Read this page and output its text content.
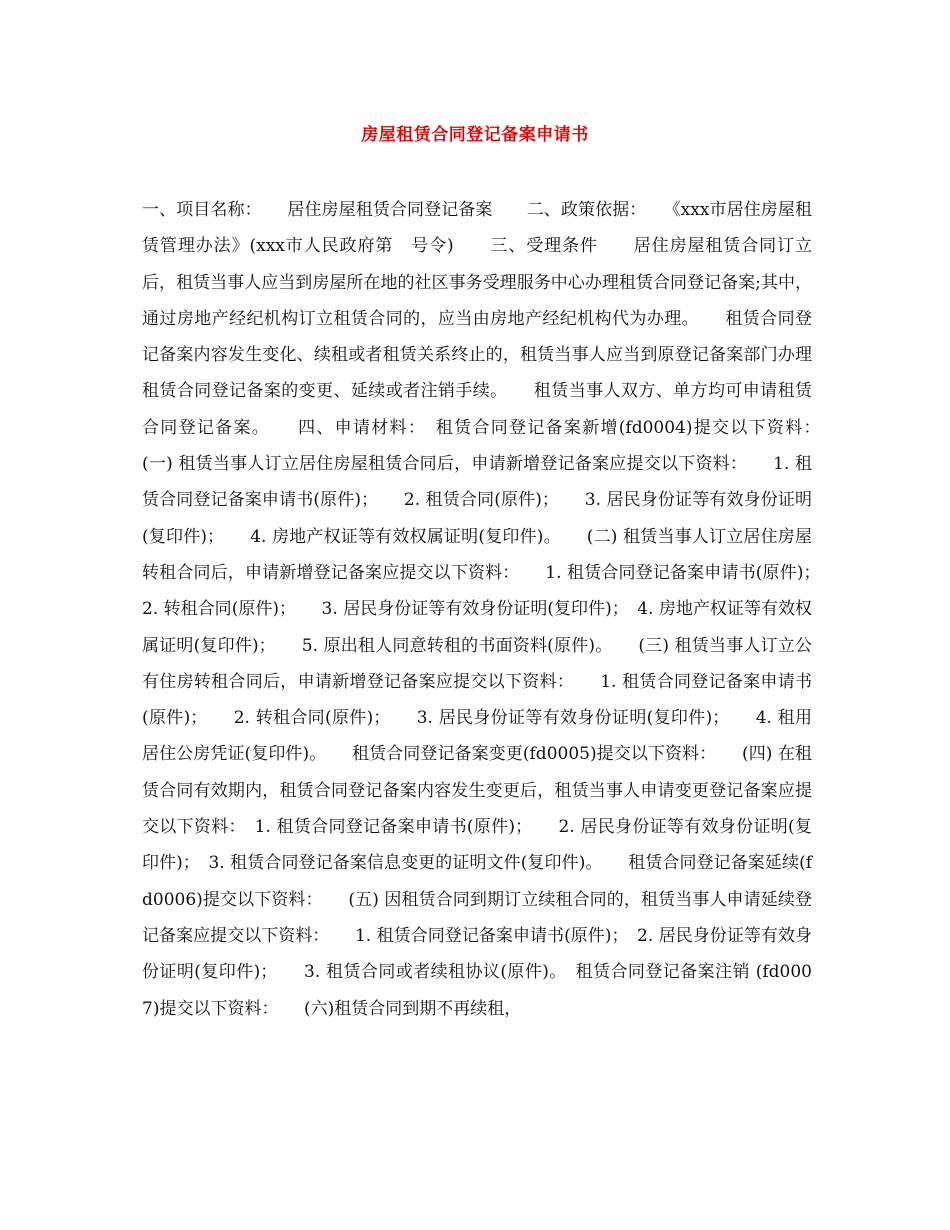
房屋租赁合同登记备案申请书

一、项目名称：　　居住房屋租赁合同登记备案　　二、政策依据：　　《xxx市居住房屋租赁管理办法》(xxx市人民政府第　号令)　　三、受理条件　　居住房屋租赁合同订立后，租赁当事人应当到房屋所在地的社区事务受理服务中心办理租赁合同登记备案;其中，通过房地产经纪机构订立租赁合同的，应当由房地产经纪机构代为办理。　　租赁合同登记备案内容发生变化、续租或者租赁关系终止的，租赁当事人应当到原登记备案部门办理租赁合同登记备案的变更、延续或者注销手续。　　租赁当事人双方、单方均可申请租赁合同登记备案。　　四、申请材料：　租赁合同登记备案新增(fd0004)提交以下资料：　　(一) 租赁当事人订立居住房屋租赁合同后，申请新增登记备案应提交以下资料：　　1. 租赁合同登记备案申请书(原件)；　　2. 租赁合同(原件)；　　3. 居民身份证等有效身份证明(复印件)；　　4. 房地产权证等有效权属证明(复印件)。　　(二) 租赁当事人订立居住房屋转租合同后，申请新增登记备案应提交以下资料：　　1. 租赁合同登记备案申请书(原件)；　　2. 转租合同(原件)；　　3. 居民身份证等有效身份证明(复印件)；　4. 房地产权证等有效权属证明(复印件)；　　5. 原出租人同意转租的书面资料(原件)。　　(三) 租赁当事人订立公有住房转租合同后，申请新增登记备案应提交以下资料：　　1. 租赁合同登记备案申请书(原件)；　　2. 转租合同(原件)；　　3. 居民身份证等有效身份证明(复印件)；　　4. 租用居住公房凭证(复印件)。　　租赁合同登记备案变更(fd0005)提交以下资料：　　(四) 在租赁合同有效期内，租赁合同登记备案内容发生变更后，租赁当事人申请变更登记备案应提交以下资料：　1. 租赁合同登记备案申请书(原件)；　　2. 居民身份证等有效身份证明(复印件)；　3. 租赁合同登记备案信息变更的证明文件(复印件)。　　租赁合同登记备案延续(fd0006)提交以下资料：　　(五) 因租赁合同到期订立续租合同的，租赁当事人申请延续登记备案应提交以下资料：　　1. 租赁合同登记备案申请书(原件)；　2. 居民身份证等有效身份证明(复印件)；　　3. 租赁合同或者续租协议(原件)。　租赁合同登记备案注销 (fd0007)提交以下资料：　　(六)租赁合同到期不再续租，
